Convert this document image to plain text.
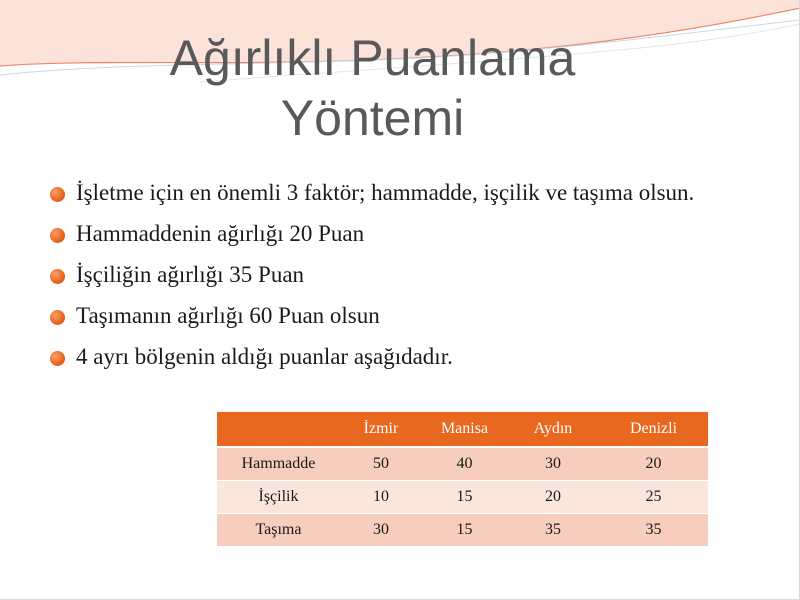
Ağırlıklı Puanlama
Yöntemi
İşletme için en önemli 3 faktör; hammadde, işçilik ve taşıma olsun.
Hammaddenin ağırlığı 20 Puan
İşçiliğin ağırlığı 35 Puan
Taşımanın ağırlığı 60 Puan olsun
4 ayrı bölgenin aldığı puanlar aşağıdadır.
	İzmir	Manisa	Aydın	Denizli
Hammadde	50	40	30	20
İşçilik	10	15	20	25
Taşıma	30	15	35	35
